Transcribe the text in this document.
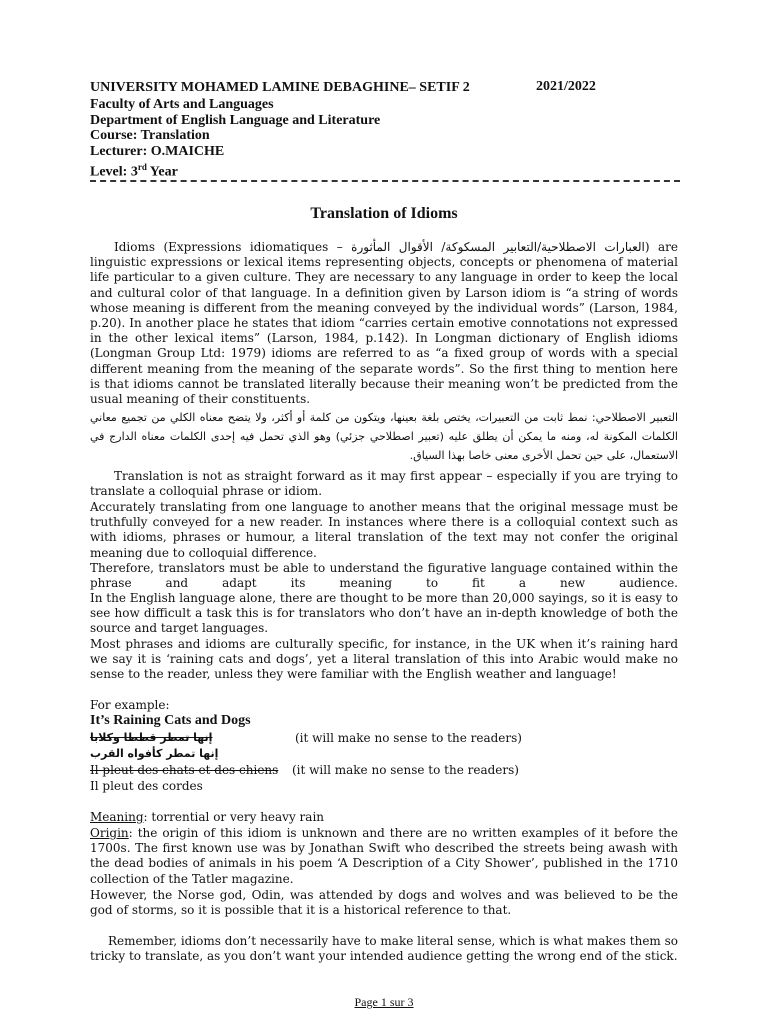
UNIVERSITY MOHAMED LAMINE DEBAGHINE– SETIF 2	2021/2022
Faculty of Arts and Languages
Department of English Language and Literature
Course: Translation
Lecturer: O.MAICHE
Level: 3rd Year
Translation of Idioms
Idioms (Expressions idiomatiques – العبارات الاصطلاحية/التعابير المسكوكة/ الأقوال المأثورة) are linguistic expressions or lexical items representing objects, concepts or phenomena of material life particular to a given culture. They are necessary to any language in order to keep the local and cultural color of that language. In a definition given by Larson idiom is “a string of words whose meaning is different from the meaning conveyed by the individual words” (Larson, 1984, p.20). In another place he states that idiom “carries certain emotive connotations not expressed in the other lexical items” (Larson, 1984, p.142). In Longman dictionary of English idioms (Longman Group Ltd: 1979) idioms are referred to as “a fixed group of words with a special different meaning from the meaning of the separate words”. So the first thing to mention here is that idioms cannot be translated literally because their meaning won’t be predicted from the usual meaning of their constituents.
التعبير الاصطلاحي: نمط ثابت من التعبيرات، يختص بلغة بعينها، ويتكون من كلمة أو أكثر، ولا يتضح معناه الكلي من تجميع معاني الكلمات المكونة له، ومنه ما يمكن أن يطلق عليه (تعبير اصطلاحي جزئي) وهو الذي تحمل فيه إحدى الكلمات معناه الدارج في الاستعمال، على حين تحمل الأخرى معنى خاصا بهذا السياق.
Translation is not as straight forward as it may first appear – especially if you are trying to translate a colloquial phrase or idiom.
Accurately translating from one language to another means that the original message must be truthfully conveyed for a new reader. In instances where there is a colloquial context such as with idioms, phrases or humour, a literal translation of the text may not confer the original meaning due to colloquial difference.
Therefore, translators must be able to understand the figurative language contained within the phrase and adapt its meaning to fit a new audience.
In the English language alone, there are thought to be more than 20,000 sayings, so it is easy to see how difficult a task this is for translators who don’t have an in-depth knowledge of both the source and target languages.
Most phrases and idioms are culturally specific, for instance, in the UK when it’s raining hard we say it is ‘raining cats and dogs’, yet a literal translation of this into Arabic would make no sense to the reader, unless they were familiar with the English weather and language!
For example:
It’s Raining Cats and Dogs
إنها تمطر قططا وكلابا	(it will make no sense to the readers)
إنها تمطر كأفواه القرب
Il pleut des chats et des chiens (it will make no sense to the readers)
Il pleut des cordes
Meaning: torrential or very heavy rain
Origin: the origin of this idiom is unknown and there are no written examples of it before the 1700s. The first known use was by Jonathan Swift who described the streets being awash with the dead bodies of animals in his poem ‘A Description of a City Shower’, published in the 1710 collection of the Tatler magazine.
However, the Norse god, Odin, was attended by dogs and wolves and was believed to be the god of storms, so it is possible that it is a historical reference to that.
Remember, idioms don’t necessarily have to make literal sense, which is what makes them so tricky to translate, as you don’t want your intended audience getting the wrong end of the stick.
Page 1 sur 3
